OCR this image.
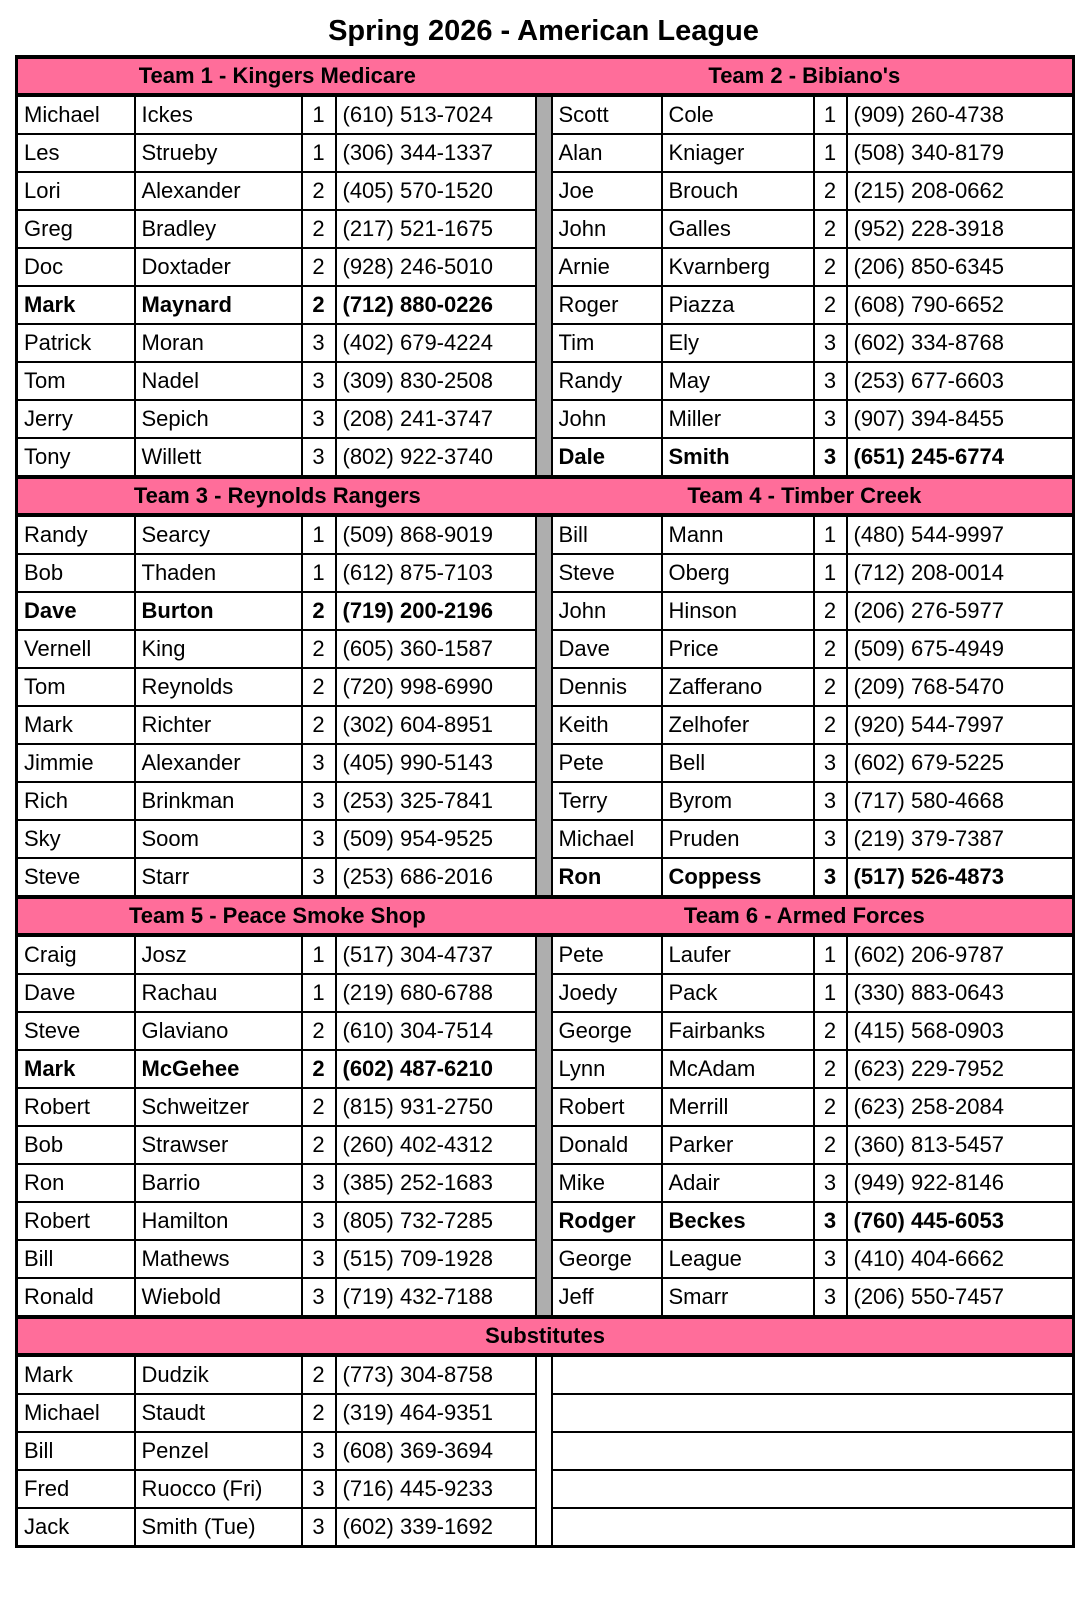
Spring 2026 - American League
Team 1 - Kingers Medicare Team 2 - Bibiano's								

Michael	Ickes	1	(610) 513-7024		Scott	Cole	1	(909) 260-4738
Les	Strueby	1	(306) 344-1337		Alan	Kniager	1	(508) 340-8179
Lori	Alexander	2	(405) 570-1520		Joe	Brouch	2	(215) 208-0662
Greg	Bradley	2	(217) 521-1675		John	Galles	2	(952) 228-3918
Doc	Doxtader	2	(928) 246-5010		Arnie	Kvarnberg	2	(206) 850-6345
Mark	Maynard	2	(712) 880-0226		Roger	Piazza	2	(608) 790-6652
Patrick	Moran	3	(402) 679-4224		Tim	Ely	3	(602) 334-8768
Tom	Nadel	3	(309) 830-2508		Randy	May	3	(253) 677-6603
Jerry	Sepich	3	(208) 241-3747		John	Miller	3	(907) 394-8455
Tony	Willett	3	(802) 922-3740		Dale	Smith	3	(651) 245-6774

Team 3 - Reynolds Rangers Team 4 - Timber Creek								

Randy	Searcy	1	(509) 868-9019		Bill	Mann	1	(480) 544-9997
Bob	Thaden	1	(612) 875-7103		Steve	Oberg	1	(712) 208-0014
Dave	Burton	2	(719) 200-2196		John	Hinson	2	(206) 276-5977
Vernell	King	2	(605) 360-1587		Dave	Price	2	(509) 675-4949
Tom	Reynolds	2	(720) 998-6990		Dennis	Zafferano	2	(209) 768-5470
Mark	Richter	2	(302) 604-8951		Keith	Zelhofer	2	(920) 544-7997
Jimmie	Alexander	3	(405) 990-5143		Pete	Bell	3	(602) 679-5225
Rich	Brinkman	3	(253) 325-7841		Terry	Byrom	3	(717) 580-4668
Sky	Soom	3	(509) 954-9525		Michael	Pruden	3	(219) 379-7387
Steve	Starr	3	(253) 686-2016		Ron	Coppess	3	(517) 526-4873

Team 5 - Peace Smoke Shop Team 6 - Armed Forces								

Craig	Josz	1	(517) 304-4737		Pete	Laufer	1	(602) 206-9787
Dave	Rachau	1	(219) 680-6788		Joedy	Pack	1	(330) 883-0643
Steve	Glaviano	2	(610) 304-7514		George	Fairbanks	2	(415) 568-0903
Mark	McGehee	2	(602) 487-6210		Lynn	McAdam	2	(623) 229-7952
Robert	Schweitzer	2	(815) 931-2750		Robert	Merrill	2	(623) 258-2084
Bob	Strawser	2	(260) 402-4312		Donald	Parker	2	(360) 813-5457
Ron	Barrio	3	(385) 252-1683		Mike	Adair	3	(949) 922-8146
Robert	Hamilton	3	(805) 732-7285		Rodger	Beckes	3	(760) 445-6053
Bill	Mathews	3	(515) 709-1928		George	League	3	(410) 404-6662
Ronald	Wiebold	3	(719) 432-7188		Jeff	Smarr	3	(206) 550-7457

Substitutes								

Mark	Dudzik	2	(773) 304-8758					
Michael	Staudt	2	(319) 464-9351					
Bill	Penzel	3	(608) 369-3694					
Fred	Ruocco (Fri)	3	(716) 445-9233					
Jack	Smith (Tue)	3	(602) 339-1692					
